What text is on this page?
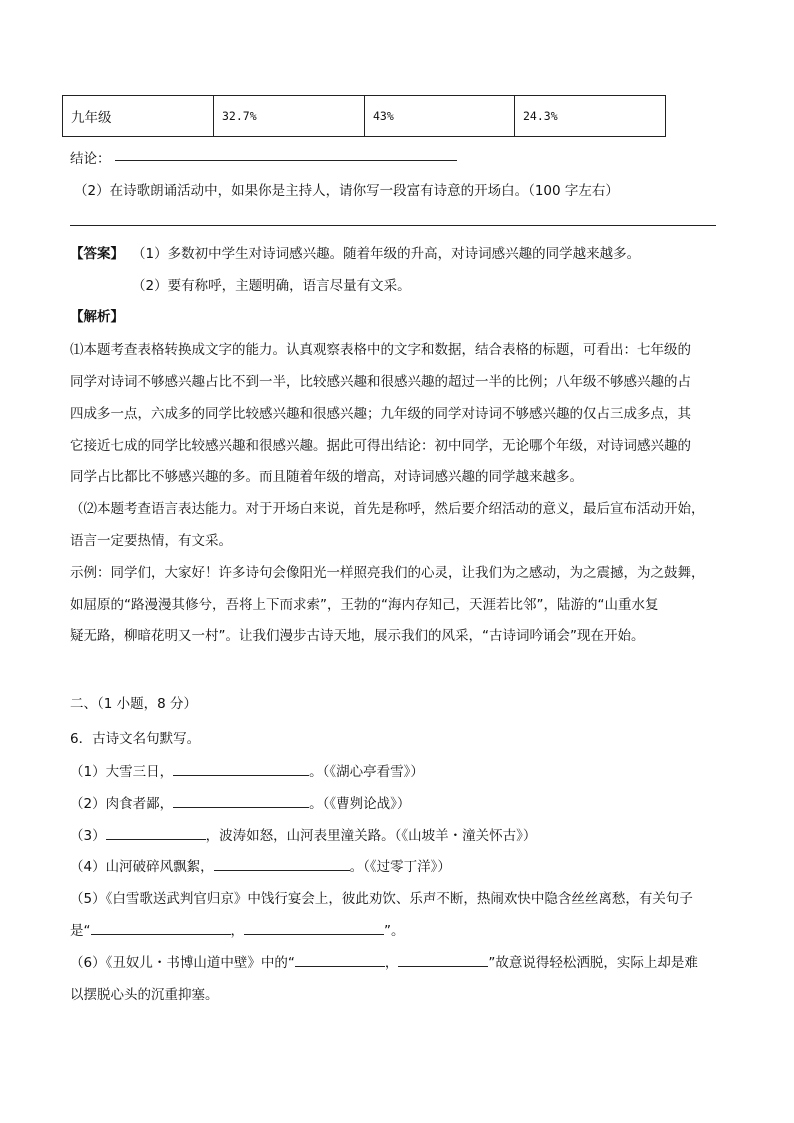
九年级	32.7%	43%	24.3%
结论：
（2）在诗歌朗诵活动中，如果你是主持人，请你写一段富有诗意的开场白。（100 字左右）
【答案】 （1）多数初中学生对诗词感兴趣。随着年级的升高，对诗词感兴趣的同学越来越多。
（2）要有称呼，主题明确，语言尽量有文采。
【解析】
⑴本题考查表格转换成文字的能力。认真观察表格中的文字和数据，结合表格的标题，可看出：七年级的
同学对诗词不够感兴趣占比不到一半，比较感兴趣和很感兴趣的超过一半的比例；八年级不够感兴趣的占
四成多一点，六成多的同学比较感兴趣和很感兴趣；九年级的同学对诗词不够感兴趣的仅占三成多点，其
它接近七成的同学比较感兴趣和很感兴趣。据此可得出结论：初中同学，无论哪个年级，对诗词感兴趣的
同学占比都比不够感兴趣的多。而且随着年级的增高，对诗词感兴趣的同学越来越多。
（⑵本题考查语言表达能力。对于开场白来说，首先是称呼，然后要介绍活动的意义，最后宣布活动开始，
语言一定要热情，有文采。
示例：同学们，大家好！许多诗句会像阳光一样照亮我们的心灵，让我们为之感动，为之震撼，为之鼓舞，
如屈原的“路漫漫其修兮，吾将上下而求索”，王勃的“海内存知己，天涯若比邻”，陆游的“山重水复
疑无路，柳暗花明又一村”。让我们漫步古诗天地，展示我们的风采，“古诗词吟诵会”现在开始。
二、（1 小题，8 分）
6．古诗文名句默写。
（1）大雪三日，	。（《湖心亭看雪》）
（2）肉食者鄙，	。（《曹刿论战》）
（3）	，波涛如怒，山河表里潼关路。（《山坡羊・潼关怀古》）
（4）山河破碎风飘絮，	。（《过零丁洋》）
（5）《白雪歌送武判官归京》中饯行宴会上，彼此劝饮、乐声不断，热闹欢快中隐含丝丝离愁，有关句子
是“	，	”。
（6）《丑奴儿・书博山道中壁》中的“	，	”故意说得轻松洒脱，实际上却是难
以摆脱心头的沉重抑塞。
